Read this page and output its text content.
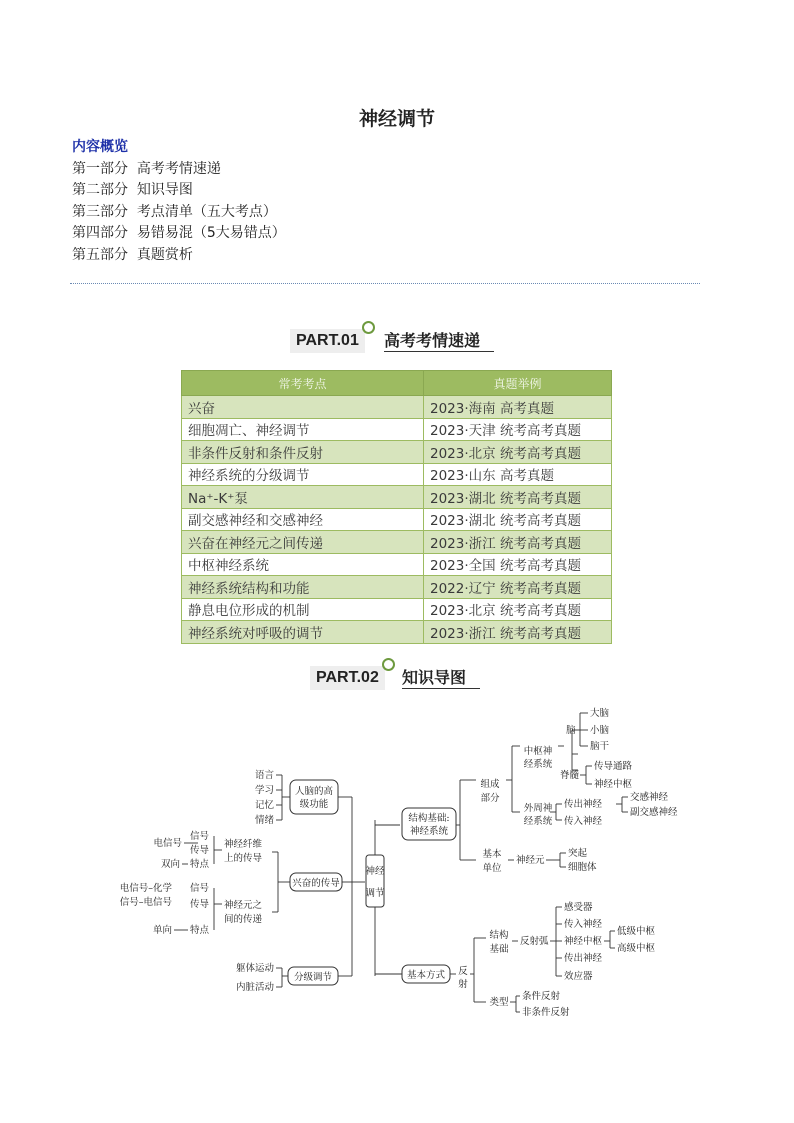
神经调节
内容概览
第一部分  高考考情速递
第二部分  知识导图
第三部分  考点清单（五大考点）
第四部分  易错易混（5大易错点）
第五部分  真题赏析
PART.01	高考考情速递
常考考点	真题举例
兴奋	2023·海南 高考真题
细胞凋亡、神经调节	2023·天津 统考高考真题
非条件反射和条件反射	2023·北京 统考高考真题
神经系统的分级调节	2023·山东 高考真题
Na⁺-K⁺泵	2023·湖北 统考高考真题
副交感神经和交感神经	2023·湖北 统考高考真题
兴奋在神经元之间传递	2023·浙江 统考高考真题
中枢神经系统	2023·全国 统考高考真题
神经系统结构和功能	2022·辽宁 统考高考真题
静息电位形成的机制	2023·北京 统考高考真题
神经系统对呼吸的调节	2023·浙江 统考高考真题
PART.02	知识导图
神经
调节
人脑的高
级功能
语言
学习
记忆
情绪
兴奋的传导
神经纤维
上的传导
电信号
信号
传导
双向 特点
神经元之
间的传递
电信号–化学
信号–电信号
信号
传导
单向 特点
分级调节
躯体运动
内脏活动
结构基础:
神经系统
组成
部分
中枢神
经系统
脑
大脑
小脑
脑干
脊髓
传导通路
神经中枢
外周神
经系统
传出神经
传入神经
交感神经
副交感神经
基本
单位
神经元
突起
细胞体
基本方式 反
射
结构
基础
反射弧
感受器
传入神经
神经中枢
传出神经
效应器
低级中枢
高级中枢
类型
条件反射
非条件反射
